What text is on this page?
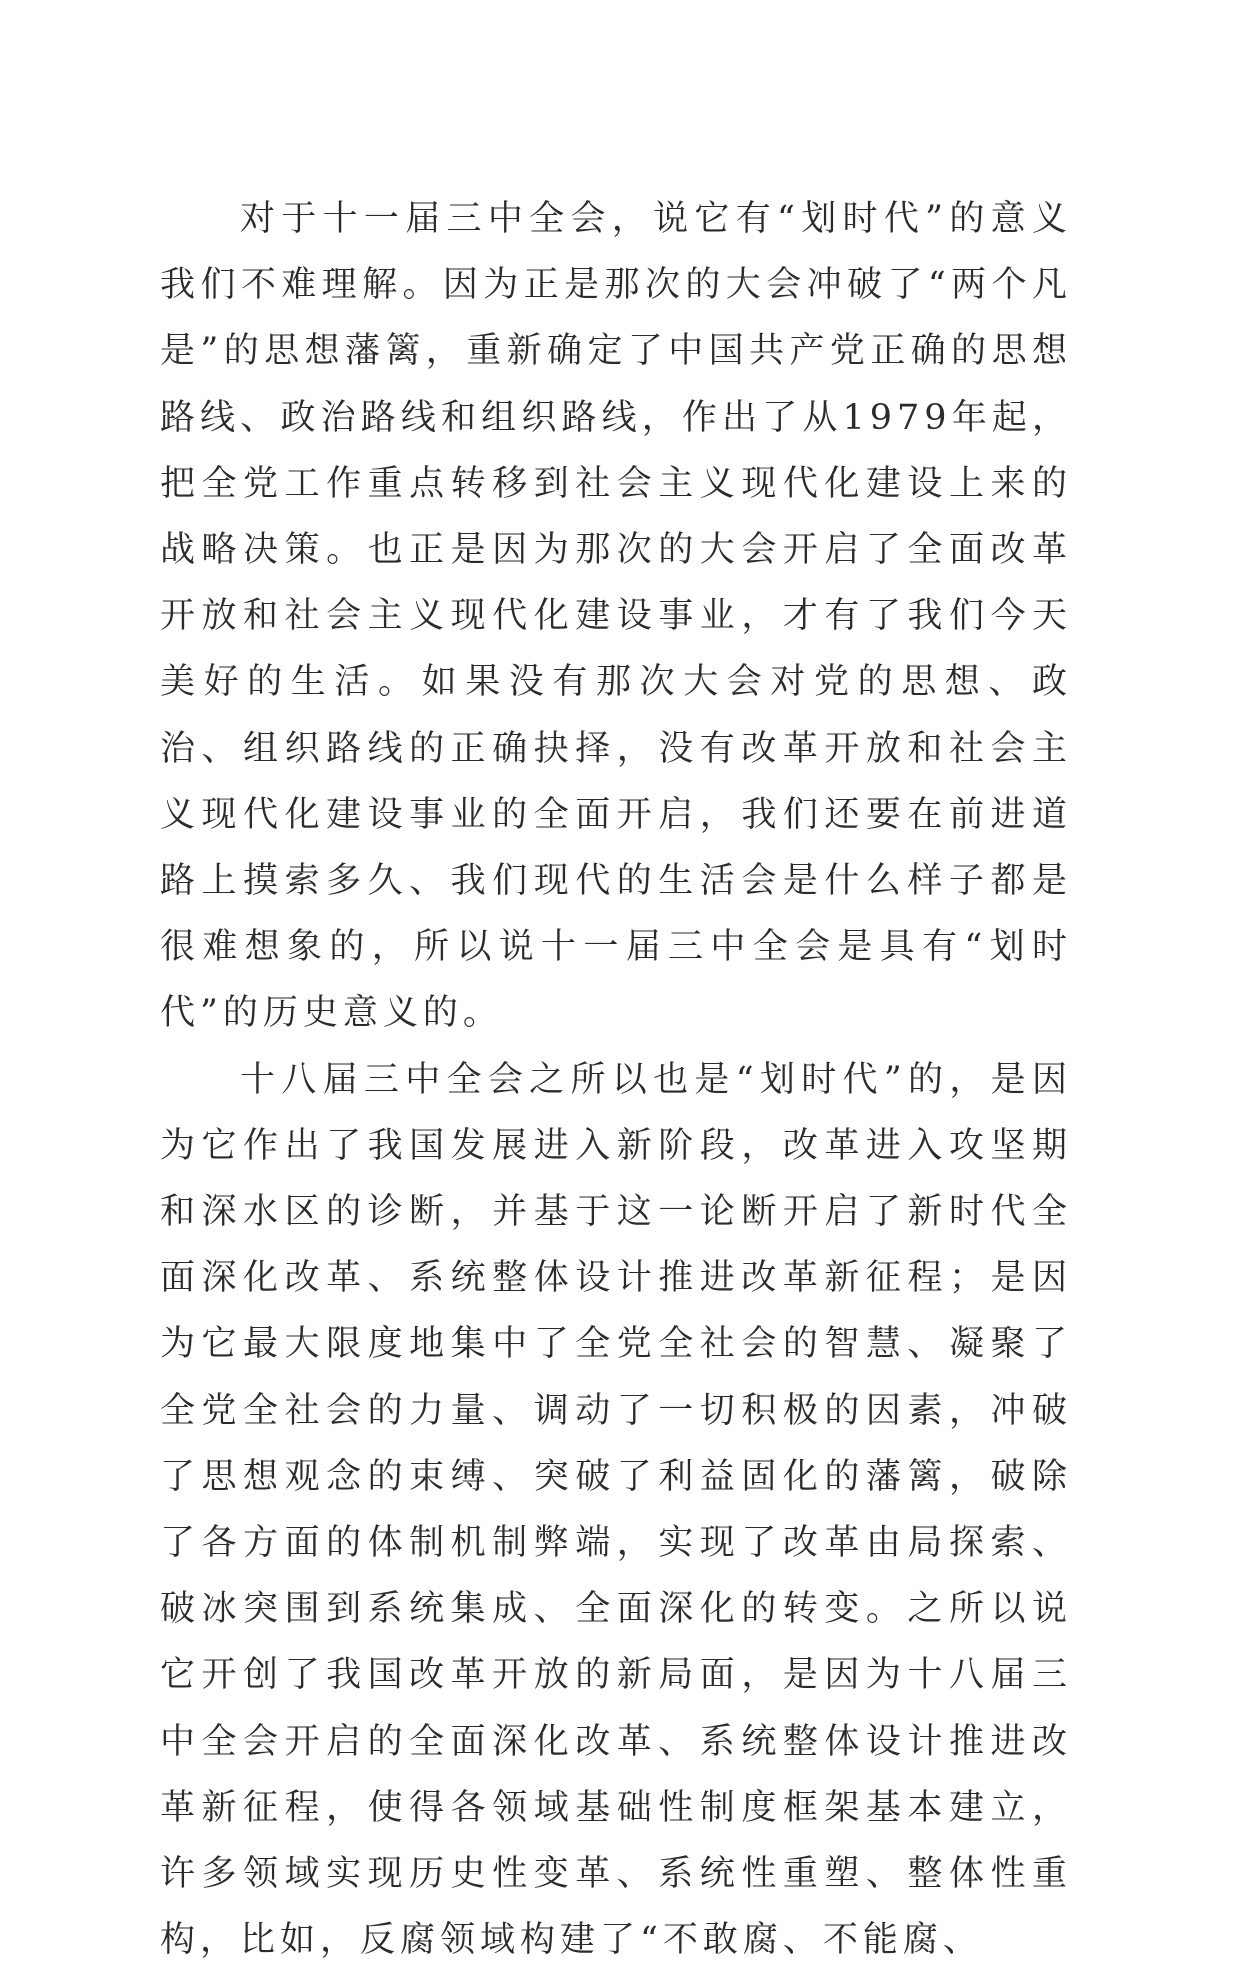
对于十一届三中全会，说它有“划时代”的意义我们不难理解。因为正是那次的大会冲破了“两个凡是”的思想藩篱，重新确定了中国共产党正确的思想路线、政治路线和组织路线，作出了从1979年起，把全党工作重点转移到社会主义现代化建设上来的战略决策。也正是因为那次的大会开启了全面改革开放和社会主义现代化建设事业，才有了我们今天美好的生活。如果没有那次大会对党的思想、政治、组织路线的正确抉择，没有改革开放和社会主义现代化建设事业的全面开启，我们还要在前进道路上摸索多久、我们现代的生活会是什么样子都是很难想象的，所以说十一届三中全会是具有“划时代”的历史意义的。

十八届三中全会之所以也是“划时代”的，是因为它作出了我国发展进入新阶段，改革进入攻坚期和深水区的诊断，并基于这一论断开启了新时代全面深化改革、系统整体设计推进改革新征程；是因为它最大限度地集中了全党全社会的智慧、凝聚了全党全社会的力量、调动了一切积极的因素，冲破了思想观念的束缚、突破了利益固化的藩篱，破除了各方面的体制机制弊端，实现了改革由局探索、破冰突围到系统集成、全面深化的转变。之所以说它开创了我国改革开放的新局面，是因为十八届三中全会开启的全面深化改革、系统整体设计推进改革新征程，使得各领域基础性制度框架基本建立，许多领域实现历史性变革、系统性重塑、整体性重构，比如，反腐领域构建了“不敢腐、不能腐、
